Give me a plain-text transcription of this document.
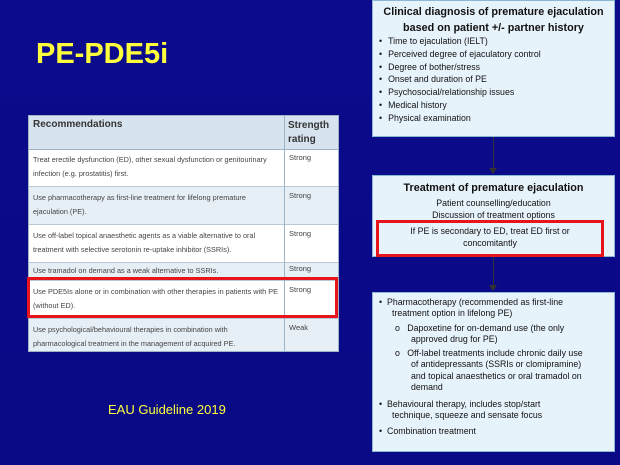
PE-PDE5i
Recommendations	Strength
rating
Treat erectile dysfunction (ED), other sexual dysfunction or genitourinary infection (e.g. prostatitis) first.
Strong
Use pharmacotherapy as first-line treatment for lifelong premature ejaculation (PE).
Strong
Use off-label topical anaesthetic agents as a viable alternative to oral treatment with selective serotonin re-uptake inhibitor (SSRIs).
Strong
Use tramadol on demand as a weak alternative to SSRIs.	Strong
Use PDE5Is alone or in combination with other therapies in patients with PE (without ED).
Strong
Use psychological/behavioural therapies in combination with pharmacological treatment in the management of acquired PE.
Weak
EAU Guideline 2019
Clinical diagnosis of premature ejaculation
based on patient +/- partner history
• Time to ejaculation (IELT)
• Perceived degree of ejaculatory control
• Degree of bother/stress
• Onset and duration of PE
• Psychosocial/relationship issues
• Medical history
• Physical examination
Treatment of premature ejaculation
Patient counselling/education
Discussion of treatment options
If PE is secondary to ED, treat ED first or
concomitantly
•  Pharmacotherapy (recommended as first-line
treatment option in lifelong PE)
o   Dapoxetine for on-demand use (the only
approved drug for PE)
o   Off-label treatments include chronic daily use
of antidepressants (SSRIs or clomipramine)
and topical anaesthetics or oral tramadol on
demand
•  Behavioural therapy, includes stop/start
technique, squeeze and sensate focus
•  Combination treatment
